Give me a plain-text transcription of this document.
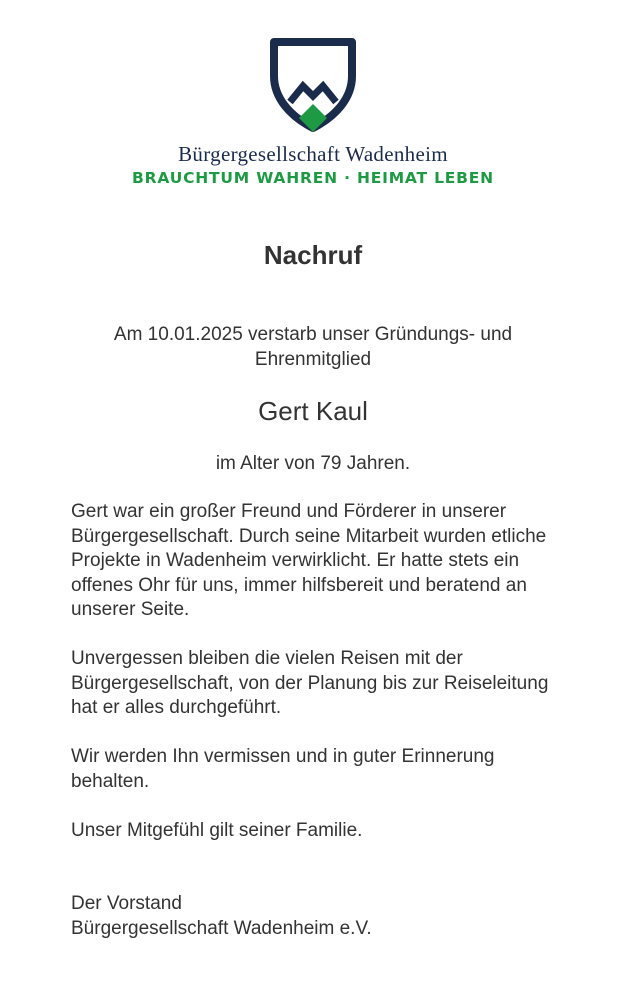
Bürgergesellschaft Wadenheim
BRAUCHTUM WAHREN · HEIMAT LEBEN
Nachruf
Am 10.01.2025 verstarb unser Gründungs- und Ehrenmitglied
Gert Kaul
im Alter von 79 Jahren.

Gert war ein großer Freund und Förderer in unserer Bürgergesellschaft. Durch seine Mitarbeit wurden etliche Projekte in Wadenheim verwirklicht. Er hatte stets ein offenes Ohr für uns, immer hilfsbereit und beratend an unserer Seite.

Unvergessen bleiben die vielen Reisen mit der Bürgergesellschaft, von der Planung bis zur Reiseleitung hat er alles durchgeführt.

Wir werden Ihn vermissen und in guter Erinnerung behalten.

Unser Mitgefühl gilt seiner Familie.

Der Vorstand
Bürgergesellschaft Wadenheim e.V.
